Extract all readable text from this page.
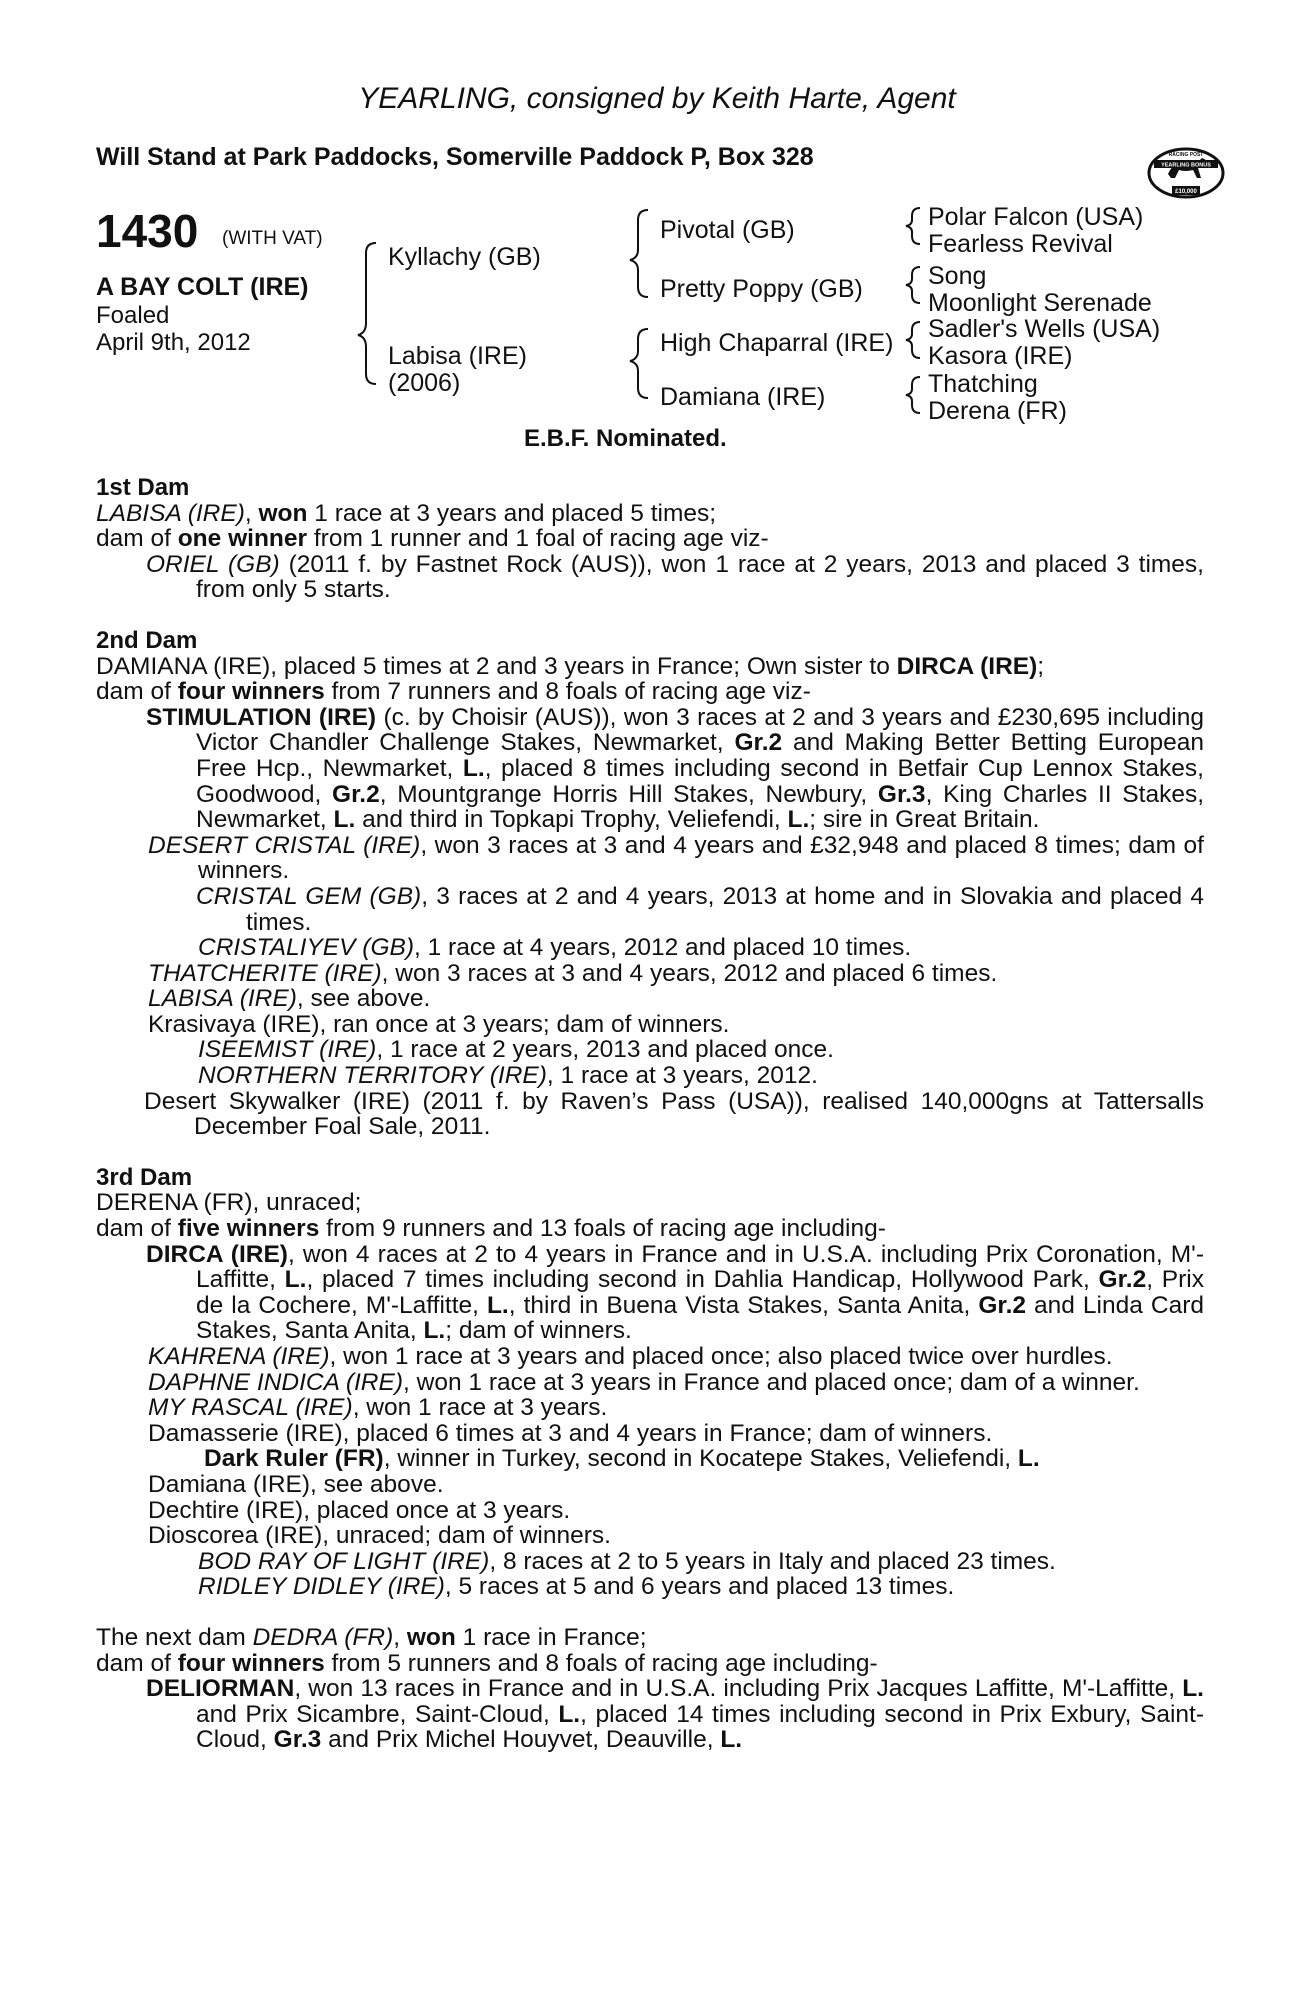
YEARLING, consigned by Keith Harte, Agent
Will Stand at Park Paddocks, Somerville Paddock P, Box 328	YEARLING BONUS
RACING POST
£10,000
1430 (WITH VAT)
A BAY COLT (IRE)
Foaled
April 9th, 2012
Kyllachy (GB)
Labisa (IRE)
(2006)
Pivotal (GB)
Pretty Poppy (GB)
High Chaparral (IRE)
Damiana (IRE)
Polar Falcon (USA)
Fearless Revival
Song
Moonlight Serenade
Sadler's Wells (USA)
Kasora (IRE)
Thatching
Derena (FR)
E.B.F. Nominated.
1st Dam
LABISA (IRE), won 1 race at 3 years and placed 5 times;
dam of one winner from 1 runner and 1 foal of racing age viz-
ORIEL (GB) (2011 f. by Fastnet Rock (AUS)), won 1 race at 2 years, 2013 and placed 3 times, from only 5 starts.
2nd Dam
DAMIANA (IRE), placed 5 times at 2 and 3 years in France; Own sister to DIRCA (IRE);
dam of four winners from 7 runners and 8 foals of racing age viz-
STIMULATION (IRE) (c. by Choisir (AUS)), won 3 races at 2 and 3 years and £230,695 including Victor Chandler Challenge Stakes, Newmarket, Gr.2 and Making Better Betting European Free Hcp., Newmarket, L., placed 8 times including second in Betfair Cup Lennox Stakes, Goodwood, Gr.2, Mountgrange Horris Hill Stakes, Newbury, Gr.3, King Charles II Stakes, Newmarket, L. and third in Topkapi Trophy, Veliefendi, L.; sire in Great Britain.
DESERT CRISTAL (IRE), won 3 races at 3 and 4 years and £32,948 and placed 8 times; dam of winners.
CRISTAL GEM (GB), 3 races at 2 and 4 years, 2013 at home and in Slovakia and placed 4 times.
CRISTALIYEV (GB), 1 race at 4 years, 2012 and placed 10 times.
THATCHERITE (IRE), won 3 races at 3 and 4 years, 2012 and placed 6 times.
LABISA (IRE), see above.
Krasivaya (IRE), ran once at 3 years; dam of winners.
ISEEMIST (IRE), 1 race at 2 years, 2013 and placed once.
NORTHERN TERRITORY (IRE), 1 race at 3 years, 2012.
Desert Skywalker (IRE) (2011 f. by Raven’s Pass (USA)), realised 140,000gns at Tattersalls December Foal Sale, 2011.
3rd Dam
DERENA (FR), unraced;
dam of five winners from 9 runners and 13 foals of racing age including-
DIRCA (IRE), won 4 races at 2 to 4 years in France and in U.S.A. including Prix Coronation, M'-Laffitte, L., placed 7 times including second in Dahlia Handicap, Hollywood Park, Gr.2, Prix de la Cochere, M'-Laffitte, L., third in Buena Vista Stakes, Santa Anita, Gr.2 and Linda Card Stakes, Santa Anita, L.; dam of winners.
KAHRENA (IRE), won 1 race at 3 years and placed once; also placed twice over hurdles.
DAPHNE INDICA (IRE), won 1 race at 3 years in France and placed once; dam of a winner.
MY RASCAL (IRE), won 1 race at 3 years.
Damasserie (IRE), placed 6 times at 3 and 4 years in France; dam of winners.
Dark Ruler (FR), winner in Turkey, second in Kocatepe Stakes, Veliefendi, L.
Damiana (IRE), see above.
Dechtire (IRE), placed once at 3 years.
Dioscorea (IRE), unraced; dam of winners.
BOD RAY OF LIGHT (IRE), 8 races at 2 to 5 years in Italy and placed 23 times.
RIDLEY DIDLEY (IRE), 5 races at 5 and 6 years and placed 13 times.
The next dam DEDRA (FR), won 1 race in France;
dam of four winners from 5 runners and 8 foals of racing age including-
DELIORMAN, won 13 races in France and in U.S.A. including Prix Jacques Laffitte, M'-Laffitte, L. and Prix Sicambre, Saint-Cloud, L., placed 14 times including second in Prix Exbury, Saint-Cloud, Gr.3 and Prix Michel Houyvet, Deauville, L.
